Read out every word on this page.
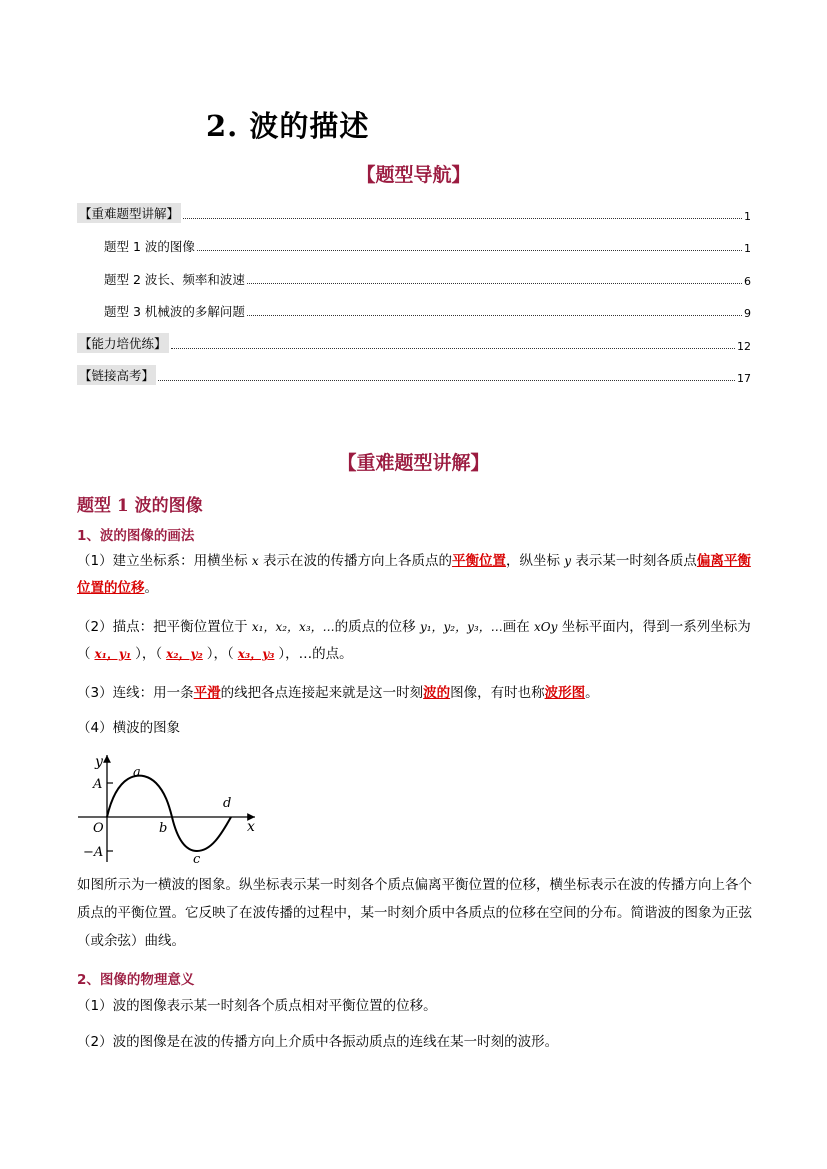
2. 波的描述
【题型导航】
【重难题型讲解】	1
题型 1 波的图像	1
题型 2 波长、频率和波速	6
题型 3 机械波的多解问题	9
【能力培优练】	12
【链接高考】	17
【重难题型讲解】
题型 1 波的图像
1、波的图像的画法
（1）建立坐标系：用横坐标 x 表示在波的传播方向上各质点的平衡位置，纵坐标 y 表示某一时刻各质点偏离平衡位置的位移。
（2）描点：把平衡位置位于 x₁，x₂，x₃，…的质点的位移 y₁，y₂，y₃，…画在 xOy 坐标平面内，得到一系列坐标为（ x₁，y₁ ），（ x₂，y₂ ），（ x₃，y₃ ），…的点。
（3）连线：用一条平滑的线把各点连接起来就是这一时刻波的图像，有时也称波形图。
（4）横波的图象
y
x
A
−A
O
a
b
c
d
如图所示为一横波的图象。纵坐标表示某一时刻各个质点偏离平衡位置的位移，横坐标表示在波的传播方向上各个质点的平衡位置。它反映了在波传播的过程中，某一时刻介质中各质点的位移在空间的分布。简谐波的图象为正弦（或余弦）曲线。
2、图像的物理意义
（1）波的图像表示某一时刻各个质点相对平衡位置的位移。
（2）波的图像是在波的传播方向上介质中各振动质点的连线在某一时刻的波形。
